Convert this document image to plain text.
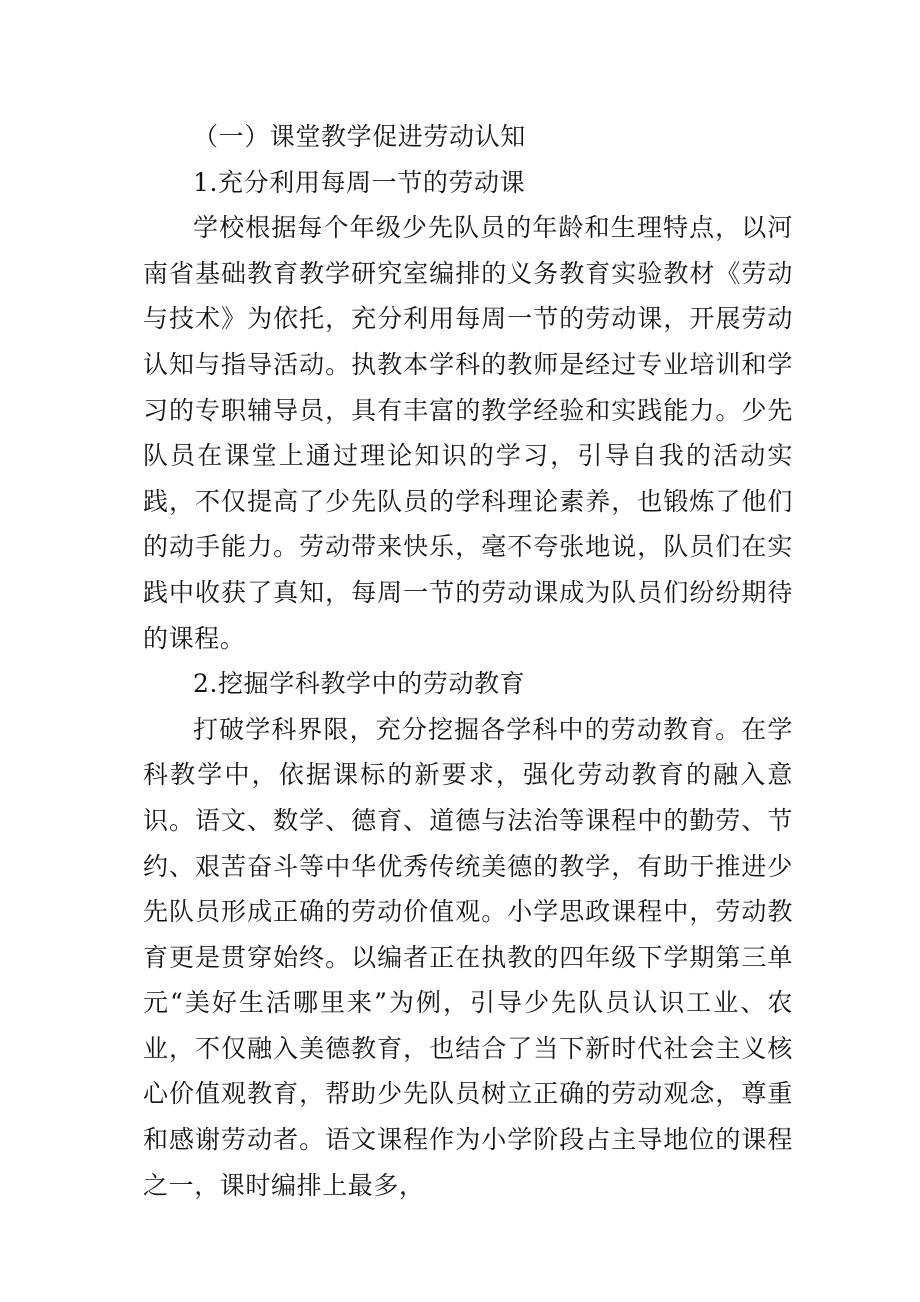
（一）课堂教学促进劳动认知

1.充分利用每周一节的劳动课

学校根据每个年级少先队员的年龄和生理特点，以河南省基础教育教学研究室编排的义务教育实验教材《劳动与技术》为依托，充分利用每周一节的劳动课，开展劳动认知与指导活动。执教本学科的教师是经过专业培训和学习的专职辅导员，具有丰富的教学经验和实践能力。少先队员在课堂上通过理论知识的学习，引导自我的活动实践，不仅提高了少先队员的学科理论素养，也锻炼了他们的动手能力。劳动带来快乐，毫不夸张地说，队员们在实践中收获了真知，每周一节的劳动课成为队员们纷纷期待的课程。

2.挖掘学科教学中的劳动教育

打破学科界限，充分挖掘各学科中的劳动教育。在学科教学中，依据课标的新要求，强化劳动教育的融入意识。语文、数学、德育、道德与法治等课程中的勤劳、节约、艰苦奋斗等中华优秀传统美德的教学，有助于推进少先队员形成正确的劳动价值观。小学思政课程中，劳动教育更是贯穿始终。以编者正在执教的四年级下学期第三单元“美好生活哪里来”为例，引导少先队员认识工业、农业，不仅融入美德教育，也结合了当下新时代社会主义核心价值观教育，帮助少先队员树立正确的劳动观念，尊重和感谢劳动者。语文课程作为小学阶段占主导地位的课程之一，课时编排上最多，
